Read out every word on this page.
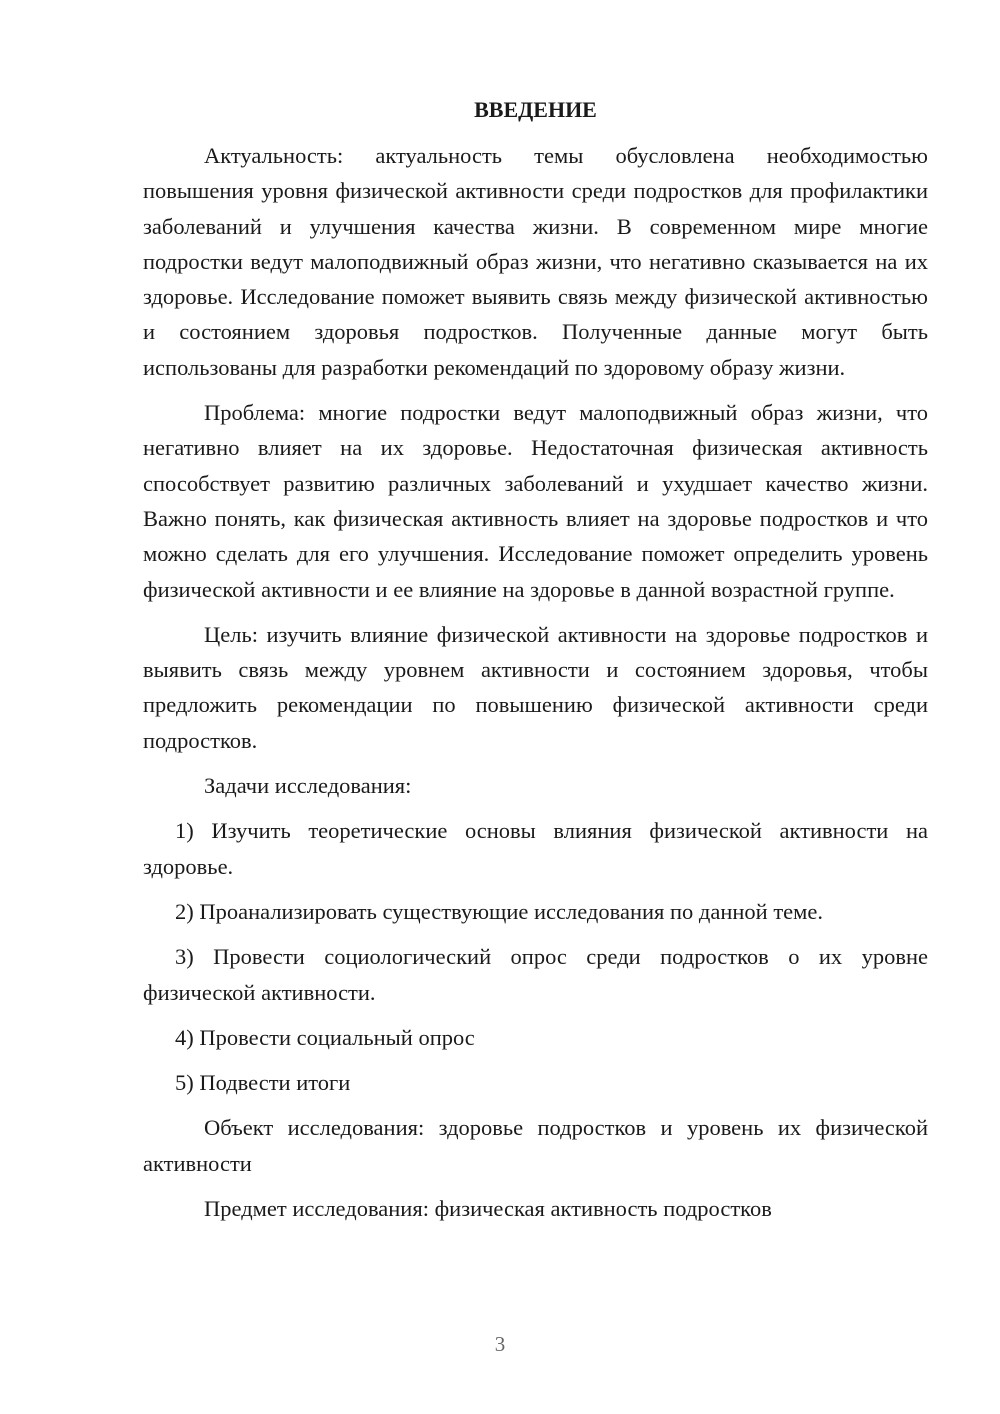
ВВЕДЕНИЕ

Актуальность: актуальность темы обусловлена необходимостью повышения уровня физической активности среди подростков для профилактики заболеваний и улучшения качества жизни. В современном мире многие подростки ведут малоподвижный образ жизни, что негативно сказывается на их здоровье. Исследование поможет выявить связь между физической активностью и состоянием здоровья подростков. Полученные данные могут быть использованы для разработки рекомендаций по здоровому образу жизни.

Проблема: многие подростки ведут малоподвижный образ жизни, что негативно влияет на их здоровье. Недостаточная физическая активность способствует развитию различных заболеваний и ухудшает качество жизни. Важно понять, как физическая активность влияет на здоровье подростков и что можно сделать для его улучшения. Исследование поможет определить уровень физической активности и ее влияние на здоровье в данной возрастной группе.

Цель: изучить влияние физической активности на здоровье подростков и выявить связь между уровнем активности и состоянием здоровья, чтобы предложить рекомендации по повышению физической активности среди подростков.

Задачи исследования:

1) Изучить теоретические основы влияния физической активности на здоровье.

2) Проанализировать существующие исследования по данной теме.

3) Провести социологический опрос среди подростков о их уровне физической активности.

4) Провести социальный опрос

5) Подвести итоги

Объект исследования: здоровье подростков и уровень их физической активности

Предмет исследования: физическая активность подростков

3
